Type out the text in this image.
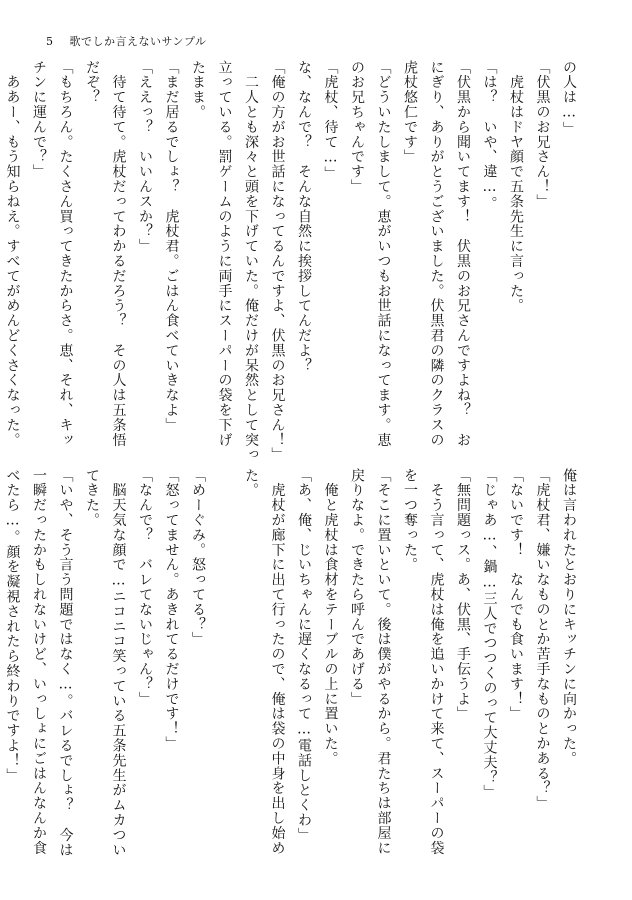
5 歌でしか言えないサンプル
の人は…」
「伏黒のお兄さん！」
　虎杖はドヤ顔で五条先生に言った。
「は？　いや、違…。
「伏黒から聞いてます！　伏黒のお兄さんですよね？　お
にぎり、ありがとうございました。伏黒君の隣のクラスの
虎杖悠仁です」
「どういたしまして。恵がいつもお世話になってます。恵
のお兄ちゃんです」
「虎杖、待て…」
な、なんで？　そんな自然に挨拶してんだよ？
「俺の方がお世話になってるんですよ、伏黒のお兄さん！」
　二人とも深々と頭を下げていた。俺だけが呆然として突っ
立っている。罰ゲームのように両手にスーパーの袋を下げ
たまま。
「まだ居るでしょ？　虎杖君。ごはん食べていきなよ」
「ええっ？　いいんスか？」
　待て待て。虎杖だってわかるだろう？　その人は五条悟
だぞ？
「もちろん。たくさん買ってきたからさ。恵、それ、キッ
チンに運んで？」
　ああー、もう知らねえ。すべてがめんどくさくなった。
俺は言われたとおりにキッチンに向かった。
「虎杖君、嫌いなものとか苦手なものとかある？」
「ないです！　なんでも食います！」
「じゃあ…、鍋…三人でつつくのって大丈夫？」
「無問題っス。あ、伏黒、手伝うよ」
　そう言って、虎杖は俺を追いかけて来て、スーパーの袋
を一つ奪った。
「そこに置いといて。後は僕がやるから。君たちは部屋に
戻りなよ。できたら呼んであげる」
　俺と虎杖は食材をテーブルの上に置いた。
「あ、俺、じいちゃんに遅くなるって…電話しとくわ」
　虎杖が廊下に出て行ったので、俺は袋の中身を出し始め
た。

「めーぐみ。怒ってる？」
「怒ってません。あきれてるだけです！」
「なんで？　バレてないじゃん？」
　脳天気な顔で…ニコニコ笑っている五条先生がムカつい
てきた。
「いや、そう言う問題ではなく…。バレるでしょ？　今は
一瞬だったかもしれないけど、いっしょにごはんなんか食
べたら…。顔を凝視されたら終わりですよ！」
